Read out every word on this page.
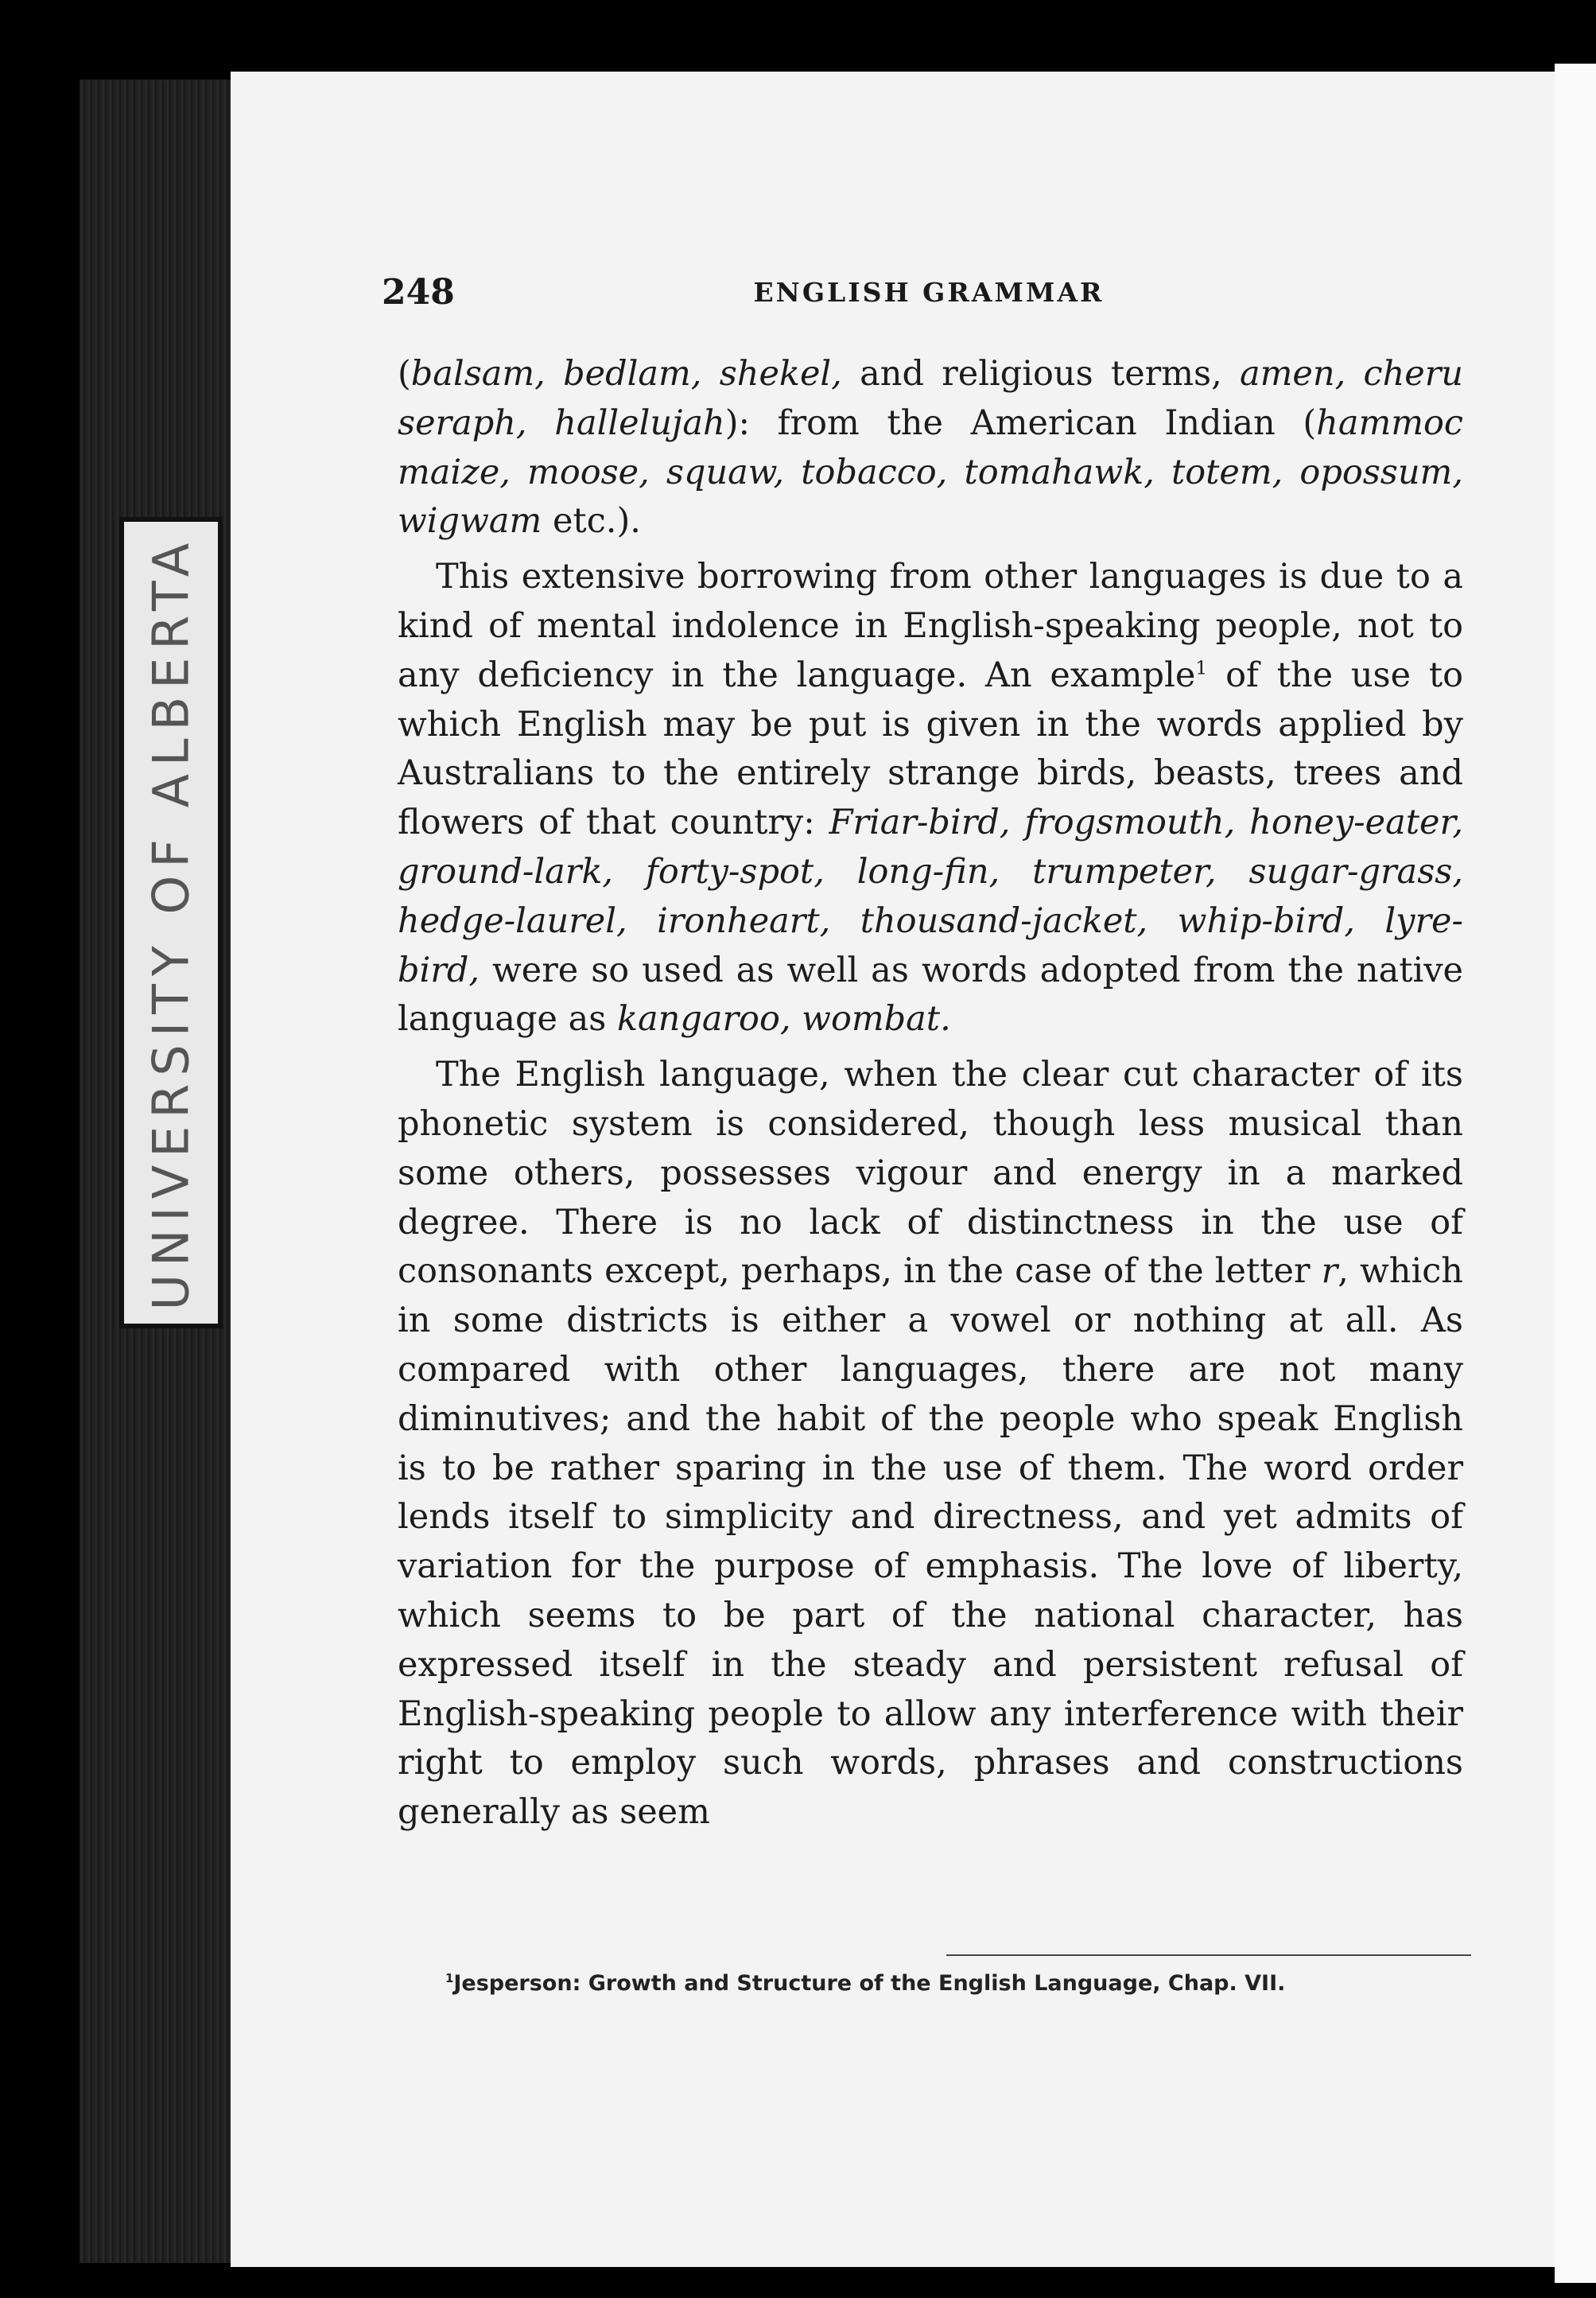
UNIVERSITY OF ALBERTA
248	ENGLISH GRAMMAR

(balsam, bedlam, shekel, and religious terms, amen, cheru seraph, hallelujah): from the American Indian (hammoc maize, moose, squaw, tobacco, tomahawk, totem, opossum, wigwam etc.).

This extensive borrowing from other languages is due to a kind of mental indolence in English-speaking people, not to any deficiency in the language. An example$^1$ of the use to which English may be put is given in the words applied by Australians to the entirely strange birds, beasts, trees and flowers of that country: Friar-bird, frogsmouth, honey-eater, ground-lark, forty-spot, long-fin, trumpeter, sugar-grass, hedge-laurel, ironheart, thousand-jacket, whip-bird, lyre-bird, were so used as well as words adopted from the native language as kangaroo, wombat.

The English language, when the clear cut character of its phonetic system is considered, though less musical than some others, possesses vigour and energy in a marked degree. There is no lack of distinctness in the use of consonants except, perhaps, in the case of the letter r, which in some districts is either a vowel or nothing at all. As compared with other languages, there are not many diminutives; and the habit of the people who speak English is to be rather sparing in the use of them. The word order lends itself to simplicity and directness, and yet admits of variation for the purpose of emphasis. The love of liberty, which seems to be part of the national character, has expressed itself in the steady and persistent refusal of English-speaking people to allow any interference with their right to employ such words, phrases and constructions generally as seem

$^1$Jesperson: Growth and Structure of the English Language, Chap. VII.
